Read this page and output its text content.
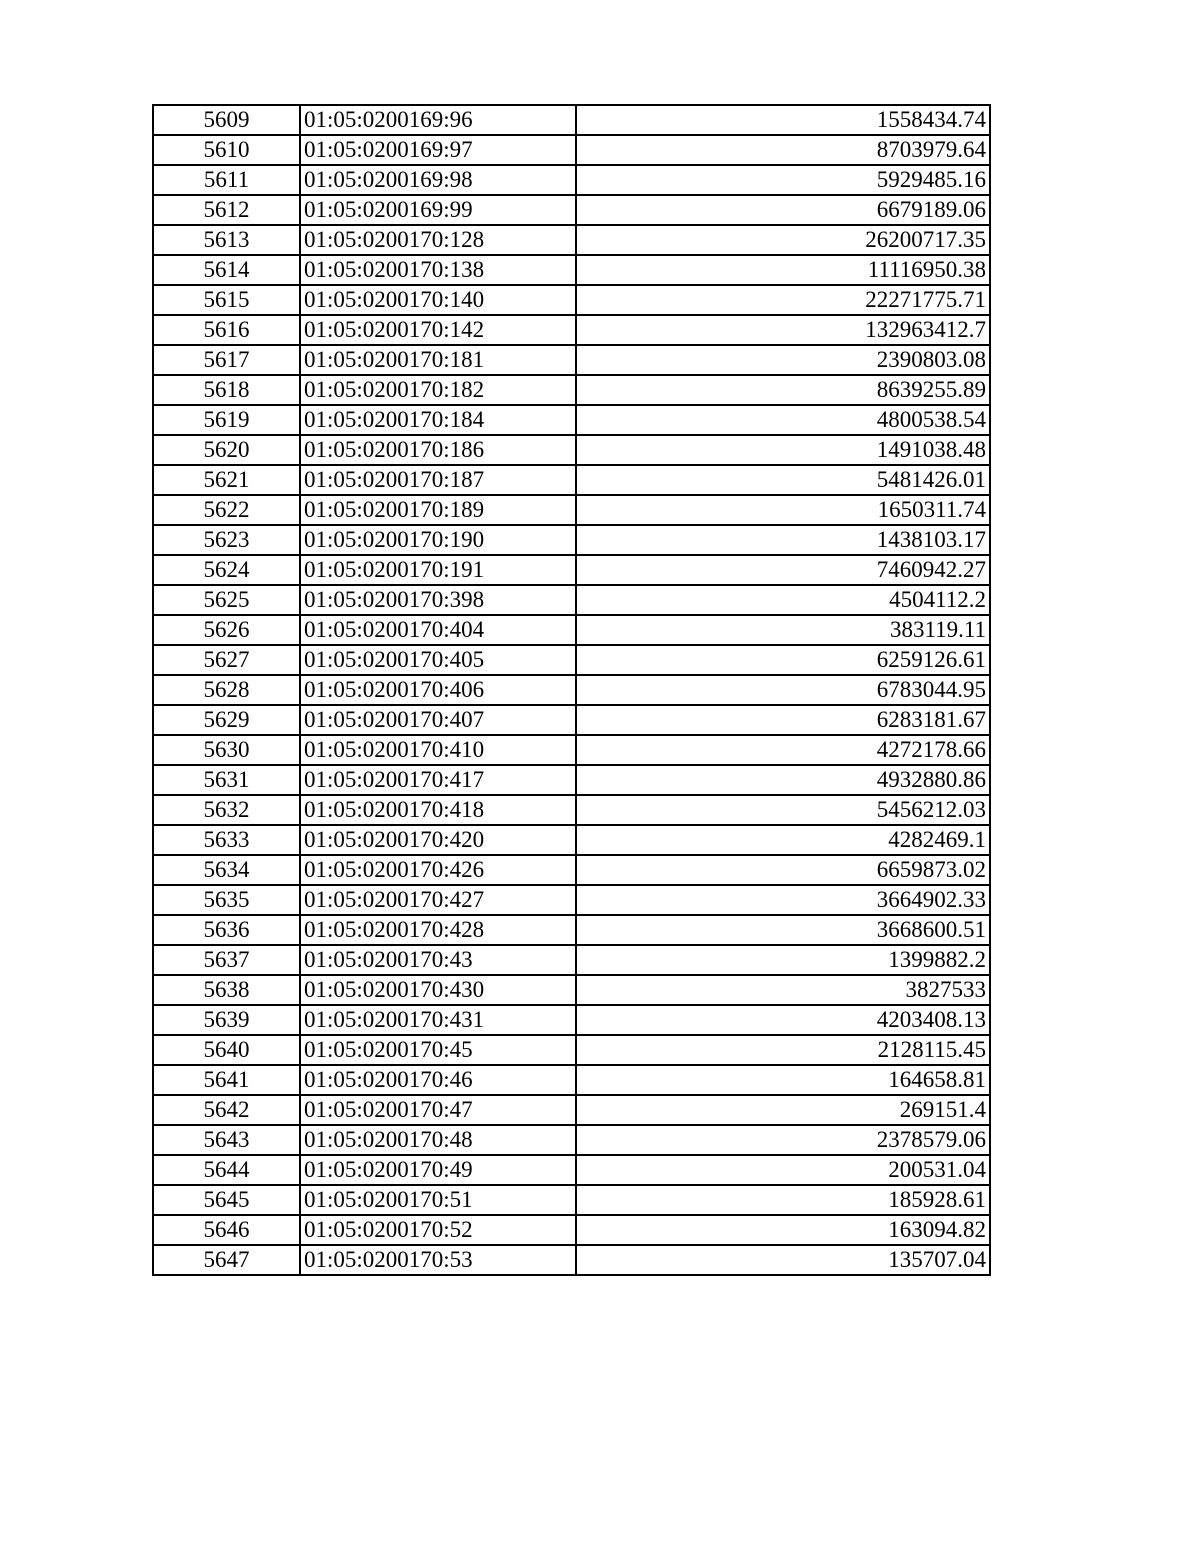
5609	01:05:0200169:96	1558434.74
5610	01:05:0200169:97	8703979.64
5611	01:05:0200169:98	5929485.16
5612	01:05:0200169:99	6679189.06
5613	01:05:0200170:128	26200717.35
5614	01:05:0200170:138	11116950.38
5615	01:05:0200170:140	22271775.71
5616	01:05:0200170:142	132963412.7
5617	01:05:0200170:181	2390803.08
5618	01:05:0200170:182	8639255.89
5619	01:05:0200170:184	4800538.54
5620	01:05:0200170:186	1491038.48
5621	01:05:0200170:187	5481426.01
5622	01:05:0200170:189	1650311.74
5623	01:05:0200170:190	1438103.17
5624	01:05:0200170:191	7460942.27
5625	01:05:0200170:398	4504112.2
5626	01:05:0200170:404	383119.11
5627	01:05:0200170:405	6259126.61
5628	01:05:0200170:406	6783044.95
5629	01:05:0200170:407	6283181.67
5630	01:05:0200170:410	4272178.66
5631	01:05:0200170:417	4932880.86
5632	01:05:0200170:418	5456212.03
5633	01:05:0200170:420	4282469.1
5634	01:05:0200170:426	6659873.02
5635	01:05:0200170:427	3664902.33
5636	01:05:0200170:428	3668600.51
5637	01:05:0200170:43	1399882.2
5638	01:05:0200170:430	3827533
5639	01:05:0200170:431	4203408.13
5640	01:05:0200170:45	2128115.45
5641	01:05:0200170:46	164658.81
5642	01:05:0200170:47	269151.4
5643	01:05:0200170:48	2378579.06
5644	01:05:0200170:49	200531.04
5645	01:05:0200170:51	185928.61
5646	01:05:0200170:52	163094.82
5647	01:05:0200170:53	135707.04
